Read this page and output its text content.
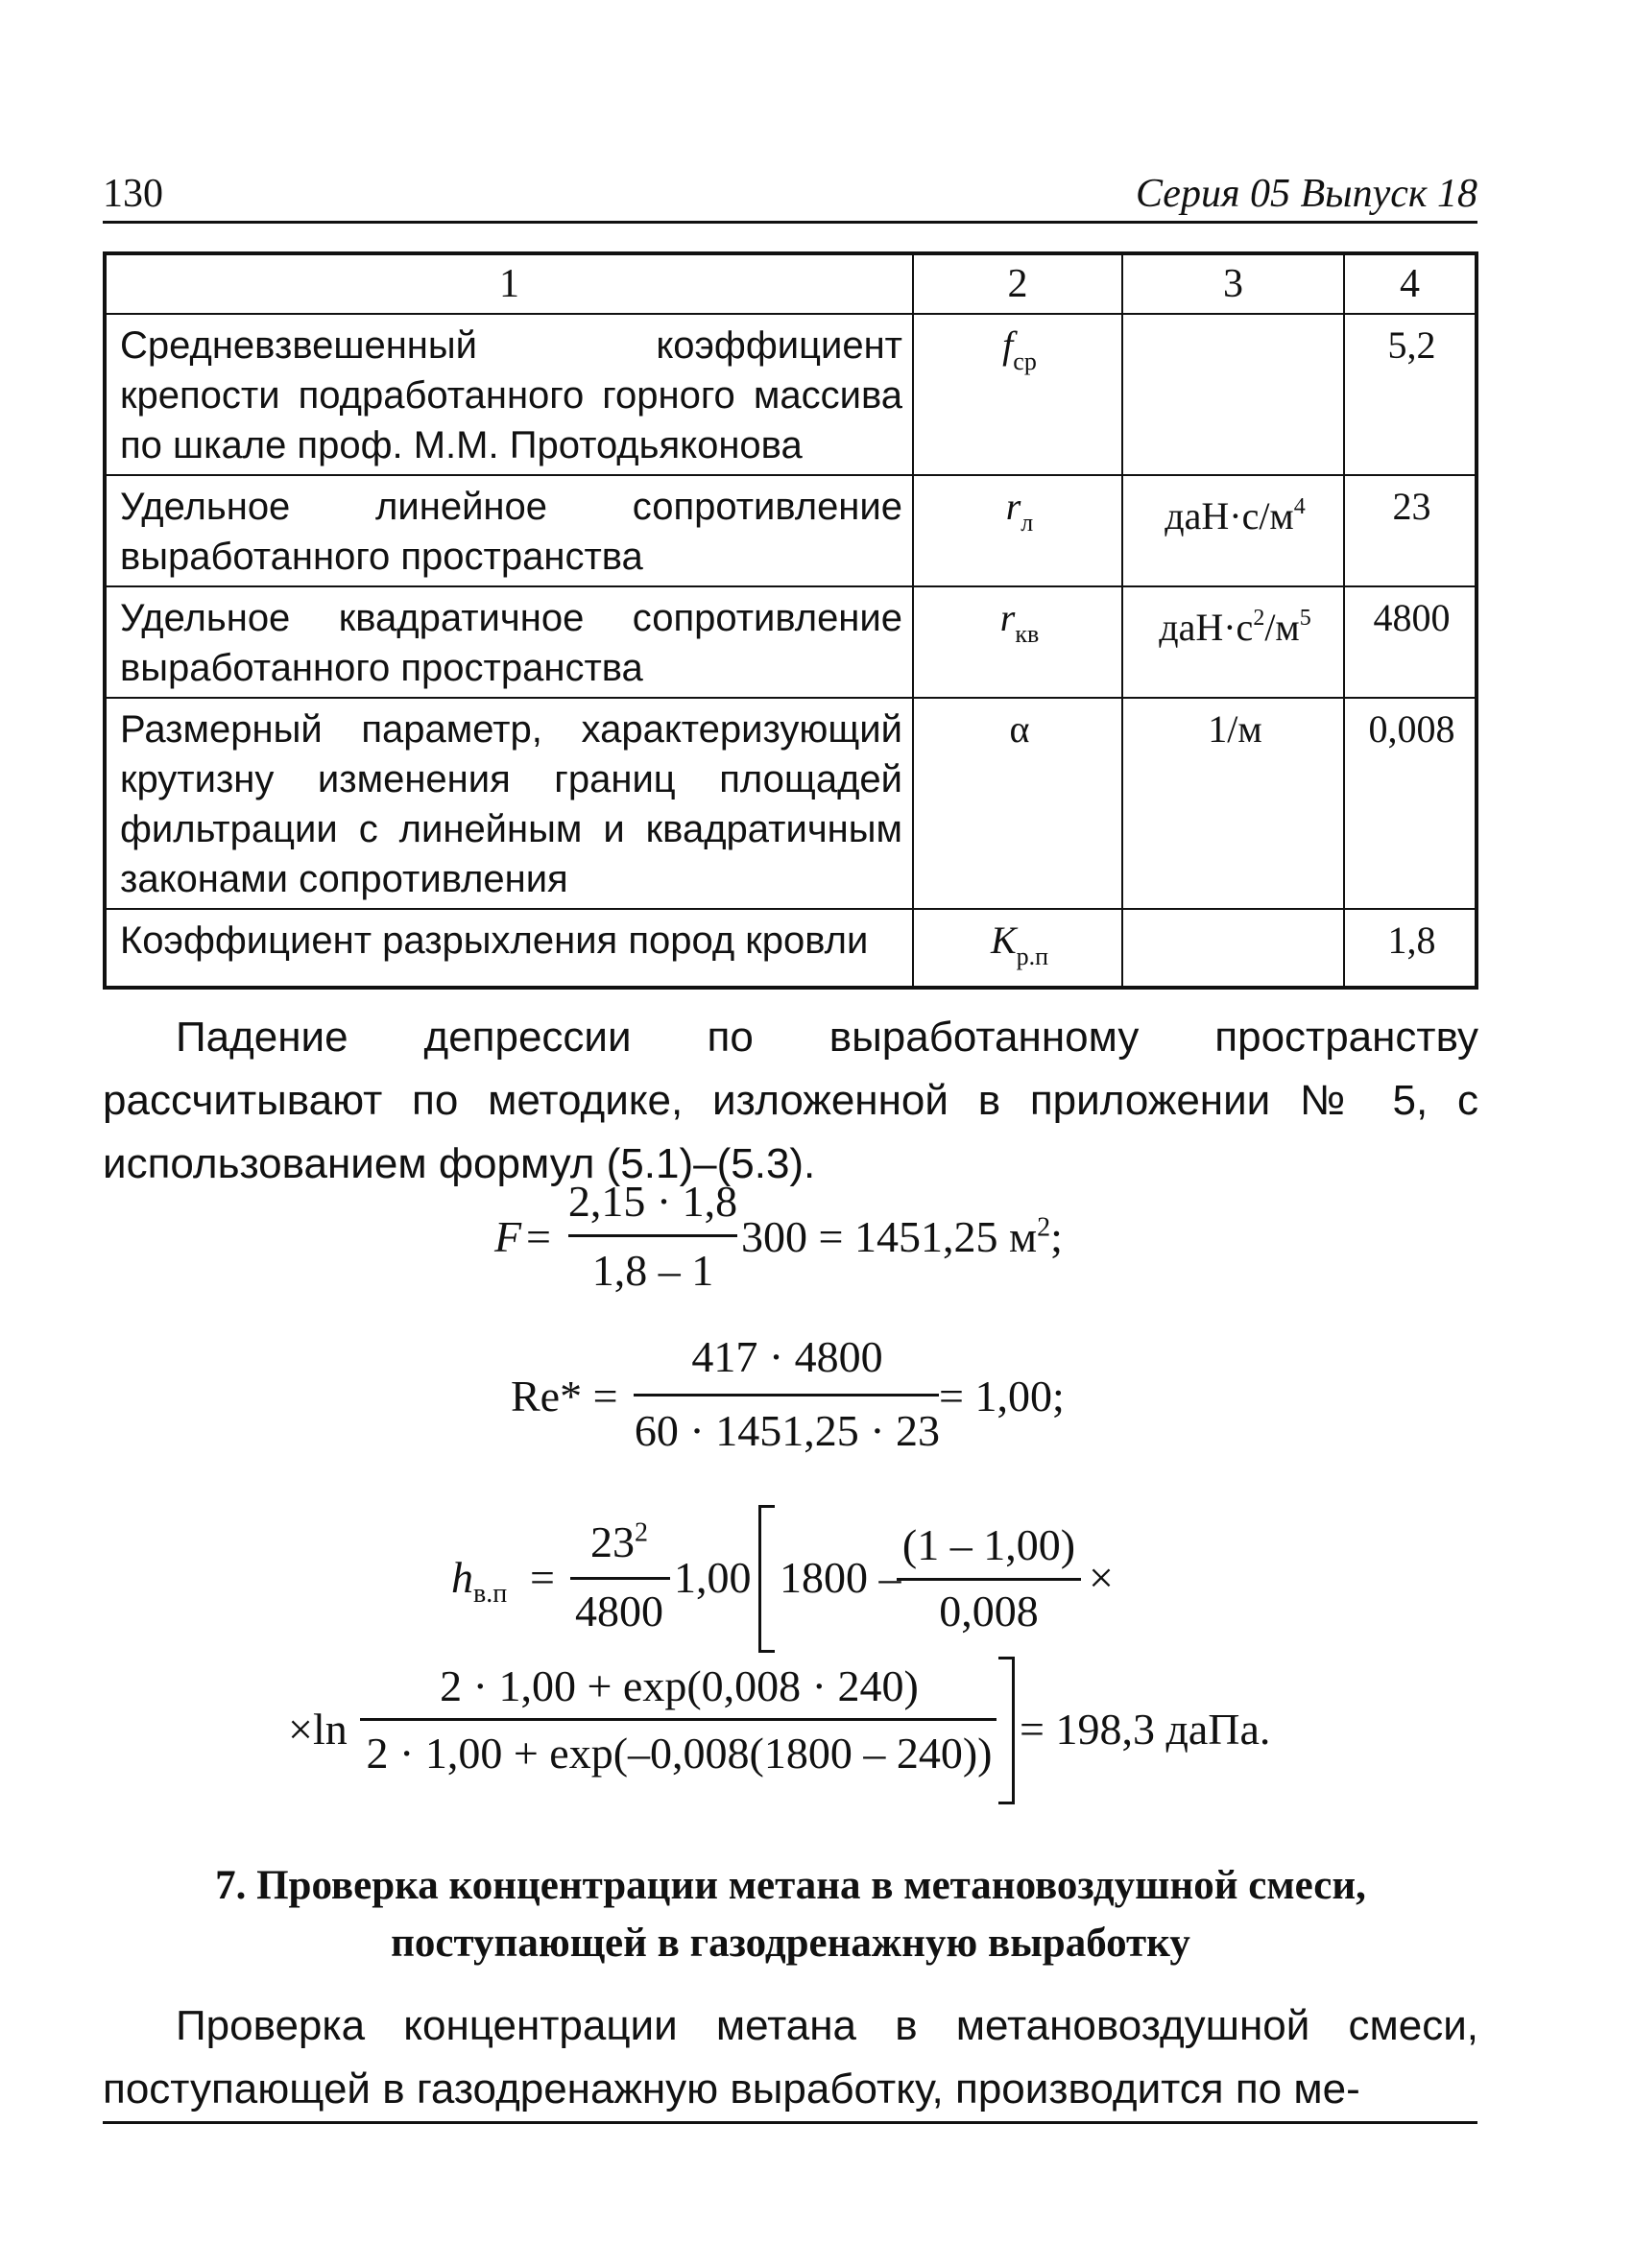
130	Серия 05 Выпуск 18
1	2	3	4
Средневзвешенный коэффициент крепости подработанного горного массива по шкале проф. М.М. Протодьяконова	$f_{ср}$		5,2
Удельное линейное сопротивление выработанного пространства	$r_л$	$даН\cdot с/м^4$	23
Удельное квадратичное сопротивление выработанного пространства	$r_{кв}$	$даН\cdot с^2/м^5$	4800
Размерный параметр, характеризующий крутизну изменения границ площадей фильтрации с линейным и квадратичным законами сопротивления	α	1/м	0,008
Коэффициент разрыхления пород кровли	$K_{р.п}$		1,8
Падение депрессии по выработанному пространству рассчитывают по методике, изложенной в приложении № 5, с использованием формул (5.1)–(5.3).
F =
2,15 · 1,8
1,8 – 1
300 = 1451,25 $м^2$;
Re* =
417 · 4800
60 · 1451,25 · 23
= 1,00;
$h_{в.п}$ =
$23^2$
4800
1,00 1800 –
(1 – 1,00)
0,008
×
×ln
2 · 1,00 + exp(0,008 · 240)
2 · 1,00 + exp(–0,008(1800 – 240)) = 198,3 даПа.
7. Проверка концентрации метана в метановоздушной смеси,
поступающей в газодренажную выработку
Проверка концентрации метана в метановоздушной смеси, поступающей в газодренажную выработку, производится по ме-
